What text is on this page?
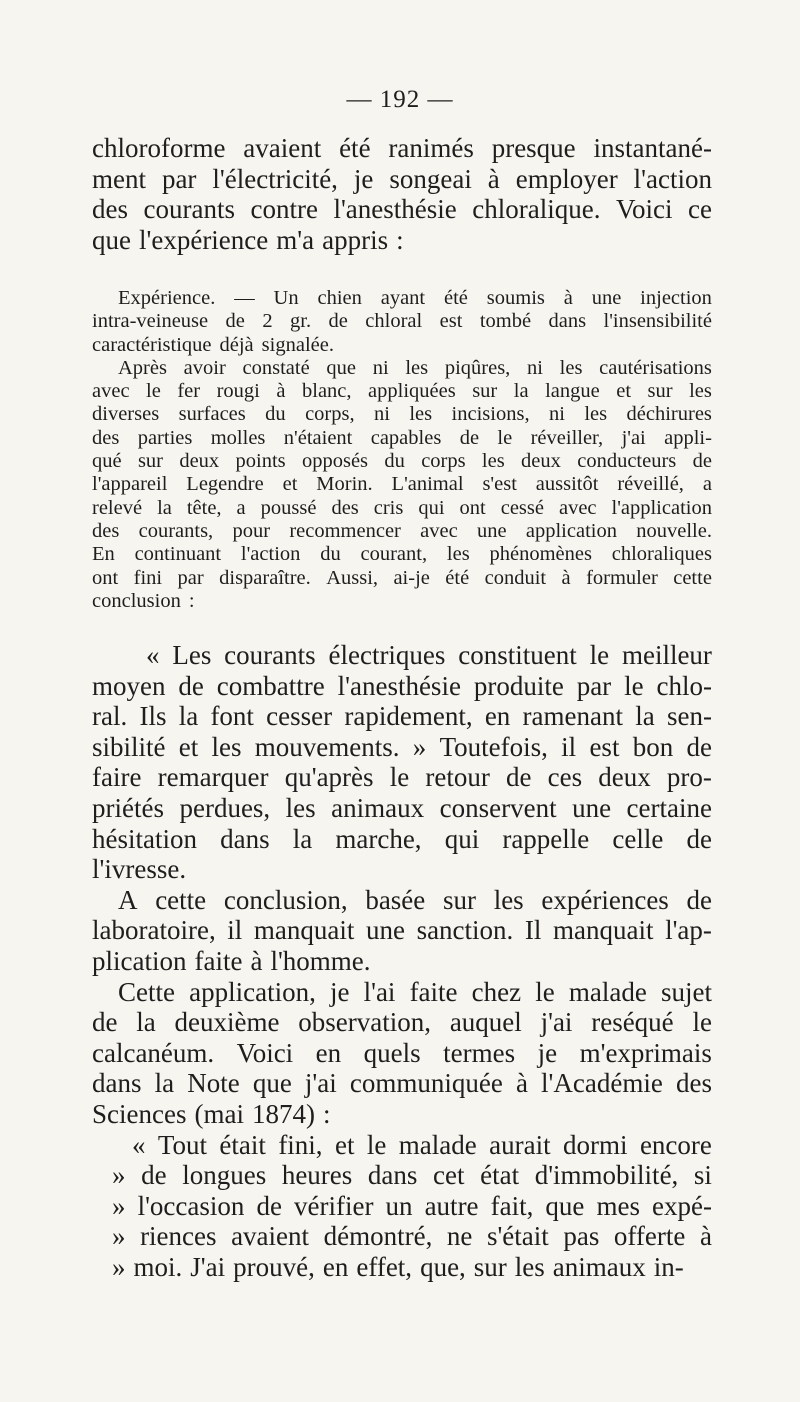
— 192 —
chloroforme avaient été ranimés presque instantané-
ment par l'électricité, je songeai à employer l'action
des courants contre l'anesthésie chloralique. Voici ce
que l'expérience m'a appris :
Expérience. — Un chien ayant été soumis à une injection
intra-veineuse de 2 gr. de chloral est tombé dans l'insensibilité
caractéristique déjà signalée.
Après avoir constaté que ni les piqûres, ni les cautérisations
avec le fer rougi à blanc, appliquées sur la langue et sur les
diverses surfaces du corps, ni les incisions, ni les déchirures
des parties molles n'étaient capables de le réveiller, j'ai appli-
qué sur deux points opposés du corps les deux conducteurs de
l'appareil Legendre et Morin. L'animal s'est aussitôt réveillé, a
relevé la tête, a poussé des cris qui ont cessé avec l'application
des courants, pour recommencer avec une application nouvelle.
En continuant l'action du courant, les phénomènes chloraliques
ont fini par disparaître. Aussi, ai-je été conduit à formuler cette
conclusion :
« Les courants électriques constituent le meilleur
moyen de combattre l'anesthésie produite par le chlo-
ral. Ils la font cesser rapidement, en ramenant la sen-
sibilité et les mouvements. » Toutefois, il est bon de
faire remarquer qu'après le retour de ces deux pro-
priétés perdues, les animaux conservent une certaine
hésitation dans la marche, qui rappelle celle de
l'ivresse.
A cette conclusion, basée sur les expériences de
laboratoire, il manquait une sanction. Il manquait l'ap-
plication faite à l'homme.
Cette application, je l'ai faite chez le malade sujet
de la deuxième observation, auquel j'ai reséqué le
calcanéum. Voici en quels termes je m'exprimais
dans la Note que j'ai communiquée à l'Académie des
Sciences (mai 1874) :
« Tout était fini, et le malade aurait dormi encore
» de longues heures dans cet état d'immobilité, si
» l'occasion de vérifier un autre fait, que mes expé-
» riences avaient démontré, ne s'était pas offerte à
» moi. J'ai prouvé, en effet, que, sur les animaux in-
